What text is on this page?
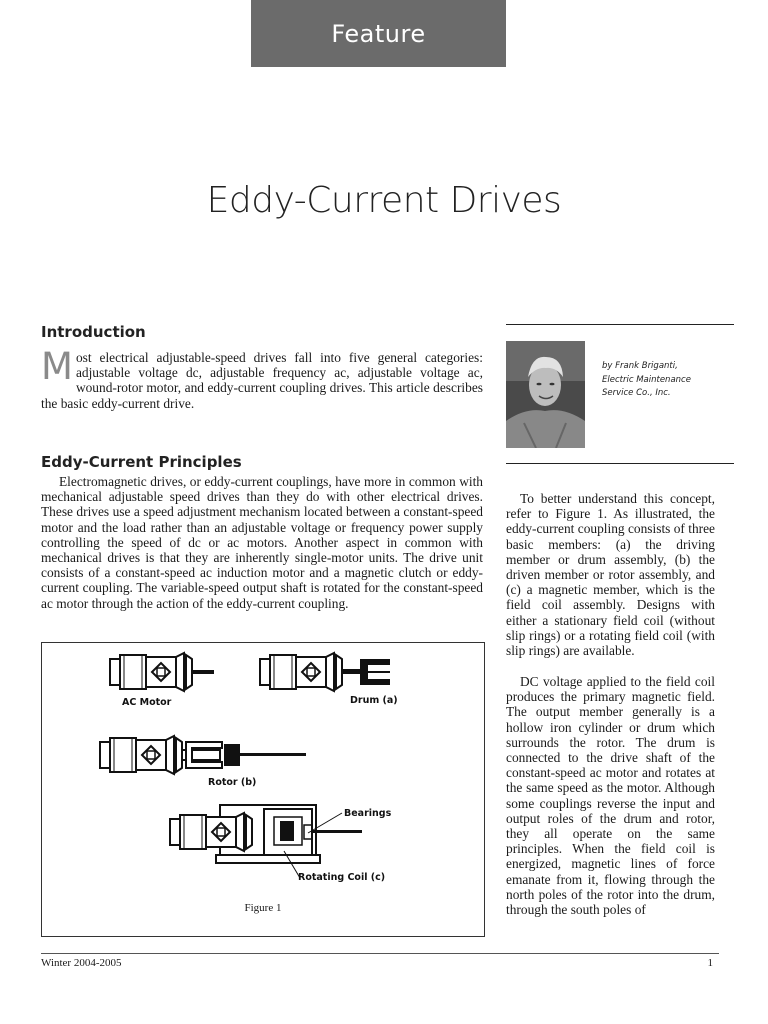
Feature
Eddy-Current Drives
Introduction
Most electrical adjustable-speed drives fall into five general categories: adjustable voltage dc, adjustable frequency ac, adjustable voltage ac, wound-rotor motor, and eddy-current coupling drives. This article describes the basic eddy-current drive.
Eddy-Current Principles
Electromagnetic drives, or eddy-current couplings, have more in common with mechanical adjustable speed drives than they do with other electrical drives. These drives use a speed adjustment mechanism located between a constant-speed motor and the load rather than an adjustable voltage or frequency power supply controlling the speed of dc or ac motors. Another aspect in common with mechanical drives is that they are inherently single-motor units. The drive unit consists of a constant-speed ac induction motor and a magnetic clutch or eddy-current coupling. The variable-speed output shaft is rotated for the constant-speed ac motor through the action of the eddy-current coupling.
by Frank Briganti,
Electric Maintenance
Service Co., Inc.
To better understand this concept, refer to Figure 1. As illustrated, the eddy-current coupling consists of three basic members: (a) the driving member or drum assembly, (b) the driven member or rotor assembly, and (c) a magnetic member, which is the field coil assembly. Designs with either a stationary field coil (without slip rings) or a rotating field coil (with slip rings) are available.
DC voltage applied to the field coil produces the primary magnetic field. The output member generally is a hollow iron cylinder or drum which surrounds the rotor. The drum is connected to the drive shaft of the constant-speed ac motor and rotates at the same speed as the motor. Although some couplings reverse the input and output roles of the drum and rotor, they all operate on the same principles. When the field coil is energized, magnetic lines of force emanate from it, flowing through the north poles of the rotor into the drum, through the south poles of
AC Motor	Drum (a)
Rotor (b)
Bearings
Rotating Coil (c)
Figure 1
Winter 2004-2005	1
